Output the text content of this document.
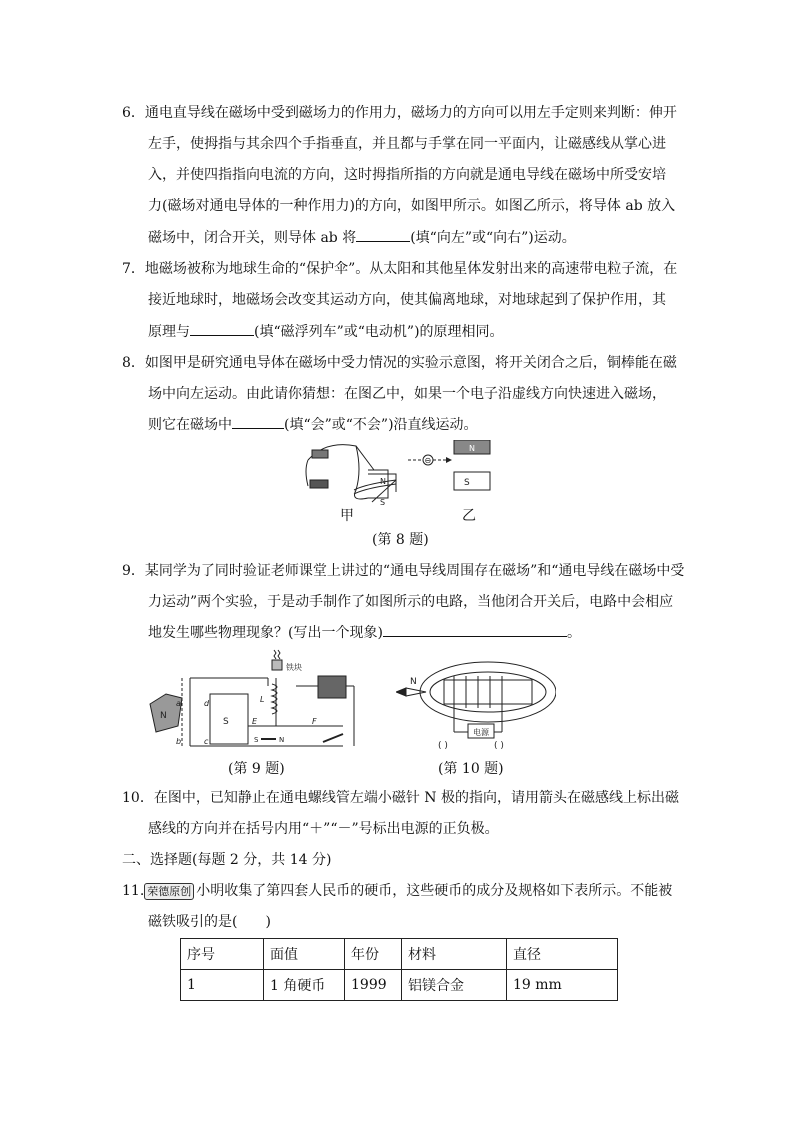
6．通电直导线在磁场中受到磁场力的作用力，磁场力的方向可以用左手定则来判断：伸开
左手，使拇指与其余四个手指垂直，并且都与手掌在同一平面内，让磁感线从掌心进
入，并使四指指向电流的方向，这时拇指所指的方向就是通电导线在磁场中所受安培
力(磁场对通电导体的一种作用力)的方向，如图甲所示。如图乙所示，将导体 ab 放入
磁场中，闭合开关，则导体 ab 将	(填“向左”或“向右”)运动。
7．地磁场被称为地球生命的“保护伞”。从太阳和其他星体发射出来的高速带电粒子流，在
接近地球时，地磁场会改变其运动方向，使其偏离地球，对地球起到了保护作用，其
原理与	(填“磁浮列车”或“电动机”)的原理相同。
8．如图甲是研究通电导体在磁场中受力情况的实验示意图，将开关闭合之后，铜棒能在磁
场中向左运动。由此请你猜想：在图乙中，如果一个电子沿虚线方向快速进入磁场，
则它在磁场中	(填“会”或“不会”)沿直线运动。
N
S
⊖
N
S
甲	乙
(第 8 题)
9．某同学为了同时验证老师课堂上讲过的“通电导线周围存在磁场”和“通电导线在磁场中受
力运动”两个实验，于是动手制作了如图所示的电路，当他闭合开关后，电路中会相应
地发生哪些物理现象？(写出一个现象)	。
N
a
b
S
d
c
E	F
S	N
铁块
L
(第 9 题)
N
电源
( )	( )
(第 10 题)
10．在图中，已知静止在通电螺线管左端小磁针 N 极的指向，请用箭头在磁感线上标出磁
感线的方向并在括号内用“＋”“－”号标出电源的正负极。
二、选择题(每题 2 分，共 14 分)
11. 荣德原创 小明收集了第四套人民币的硬币，这些硬币的成分及规格如下表所示。不能被
磁铁吸引的是(　　)
序号	面值	年份	材料	直径
1	1 角硬币	1999	铝镁合金	19 mm
